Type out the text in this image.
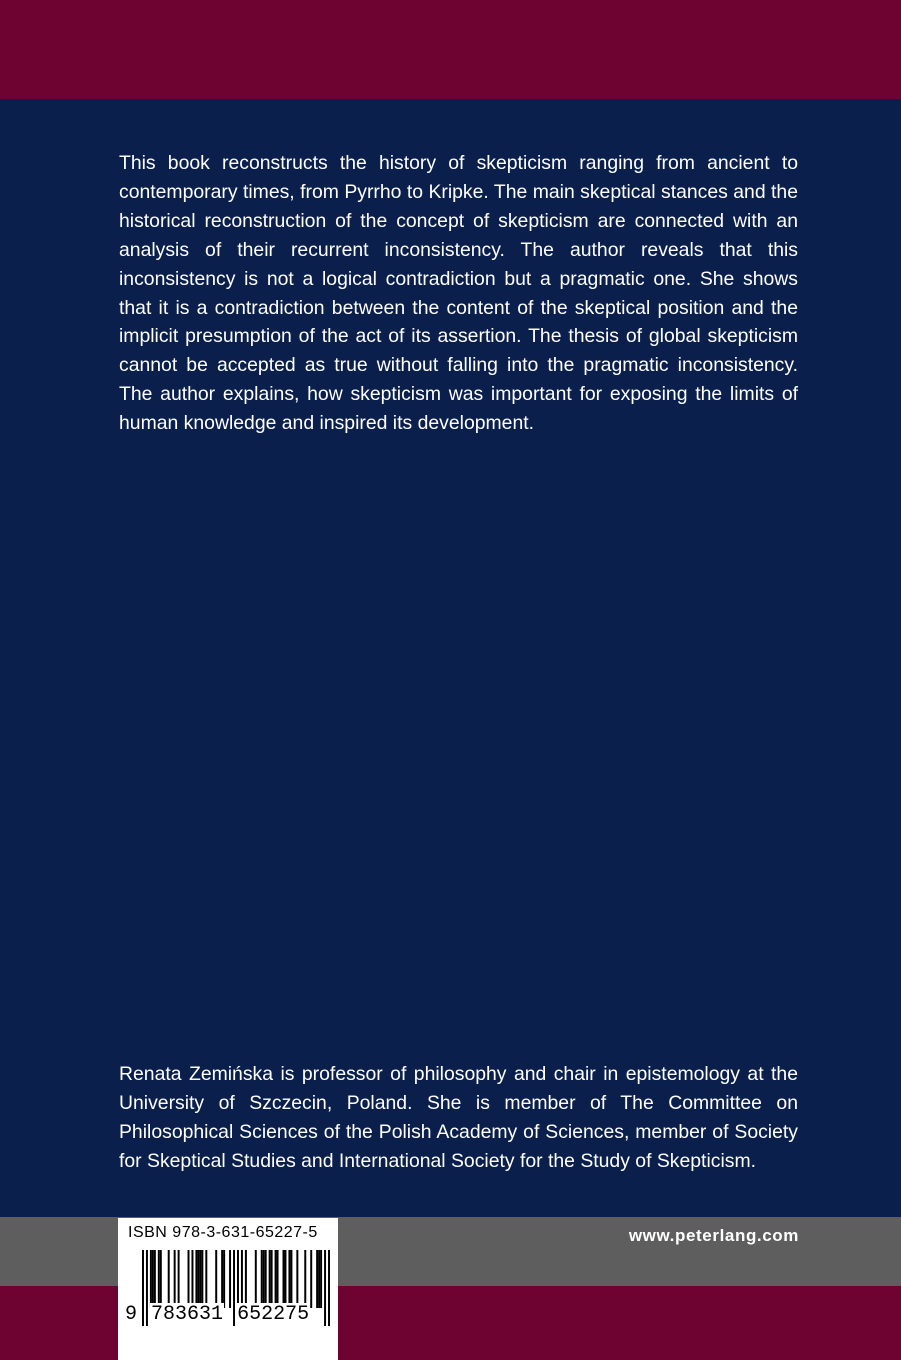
This book reconstructs the history of skepticism ranging from ancient to contemporary times, from Pyrrho to Kripke. The main skeptical stances and the historical reconstruction of the concept of skepticism are connected with an analysis of their recurrent inconsistency. The author reveals that this inconsistency is not a logical contradiction but a pragmatic one. She shows that it is a contradiction between the content of the skeptical position and the implicit presumption of the act of its assertion. The thesis of global skepticism cannot be accepted as true without falling into the pragmatic inconsistency. The author explains, how skepticism was important for exposing the limits of human knowledge and inspired its development.

Renata Zemińska is professor of philosophy and chair in epistemology at the University of Szczecin, Poland. She is member of The Committee on Philosophical Sciences of the Polish Academy of Sciences, member of Society for Skeptical Studies and International Society for the Study of Skepticism.

www.peterlang.com
ISBN 978-3-631-65227-5
9 783631 652275
